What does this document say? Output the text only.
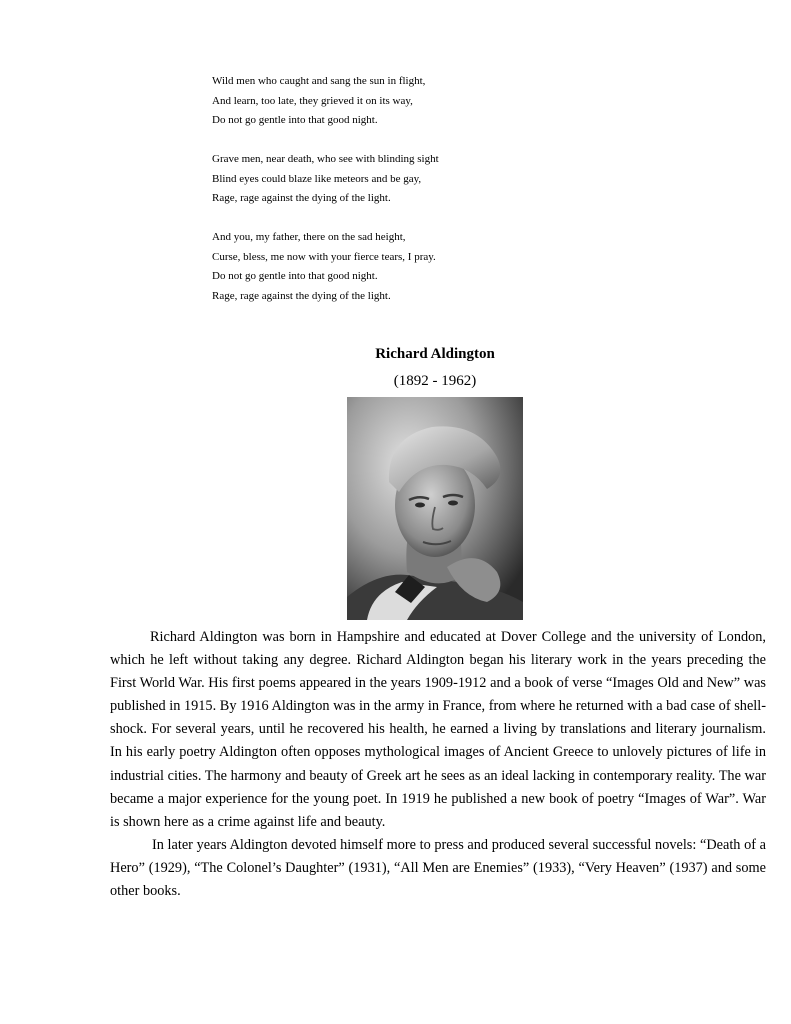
Wild men who caught and sang the sun in flight,
And learn, too late, they grieved it on its way,
Do not go gentle into that good night.
Grave men, near death, who see with blinding sight
Blind eyes could blaze like meteors and be gay,
Rage, rage against the dying of the light.
And you, my father, there on the sad height,
Curse, bless, me now with your fierce tears, I pray.
Do not go gentle into that good night.
Rage, rage against the dying of the light.
Richard Aldington
(1892 - 1962)

Richard Aldington was born in Hampshire and educated at Dover College and the university of London, which he left without taking any degree. Richard Aldington began his literary work in the years preceding the First World War. His first poems appeared in the years 1909-1912 and a book of verse “Images Old and New” was published in 1915. By 1916 Aldington was in the army in France, from where he returned with a bad case of shell-shock. For several years, until he recovered his health, he earned a living by translations and literary journalism. In his early poetry Aldington often opposes mythological images of Ancient Greece to unlovely pictures of life in industrial cities. The harmony and beauty of Greek art he sees as an ideal lacking in contemporary reality. The war became a major experience for the young poet. In 1919 he published a new book of poetry “Images of War”. War is shown here as a crime against life and beauty.

In later years Aldington devoted himself more to press and produced several successful novels: “Death of a Hero” (1929), “The Colonel’s Daughter” (1931), “All Men are Enemies” (1933), “Very Heaven” (1937) and some other books.
